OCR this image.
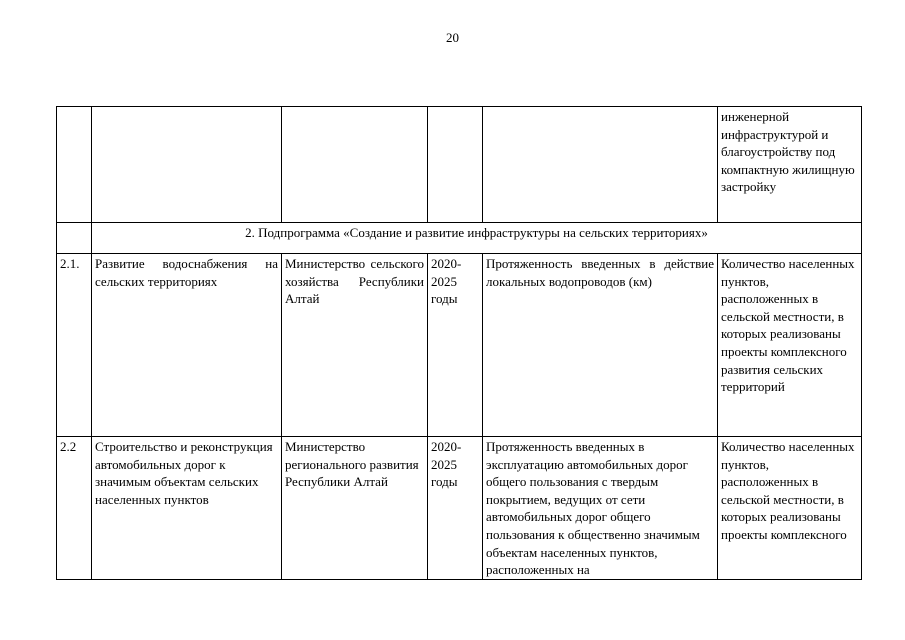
20
					инженерной инфраструктурой и благоустройству под компактную жилищную застройку
	2. Подпрограмма «Создание и развитие инфраструктуры на сельских территориях»				
2.1.	Развитие водоснабжения на сельских территориях	Министерство сельского хозяйства Республики Алтай	2020-2025 годы	Протяженность введенных в действие локальных водопроводов (км)	Количество населенных пунктов, расположенных в сельской местности, в которых реализованы проекты комплексного развития сельских территорий
2.2	Строительство и реконструкция автомобильных дорог к значимым объектам сельских населенных пунктов	Министерство регионального развития Республики Алтай	2020-2025 годы	Протяженность введенных в эксплуатацию автомобильных дорог общего пользования с твердым покрытием, ведущих от сети автомобильных дорог общего пользования к общественно значимым объектам населенных пунктов, расположенных на	Количество населенных пунктов, расположенных в сельской местности, в которых реализованы проекты комплексного
